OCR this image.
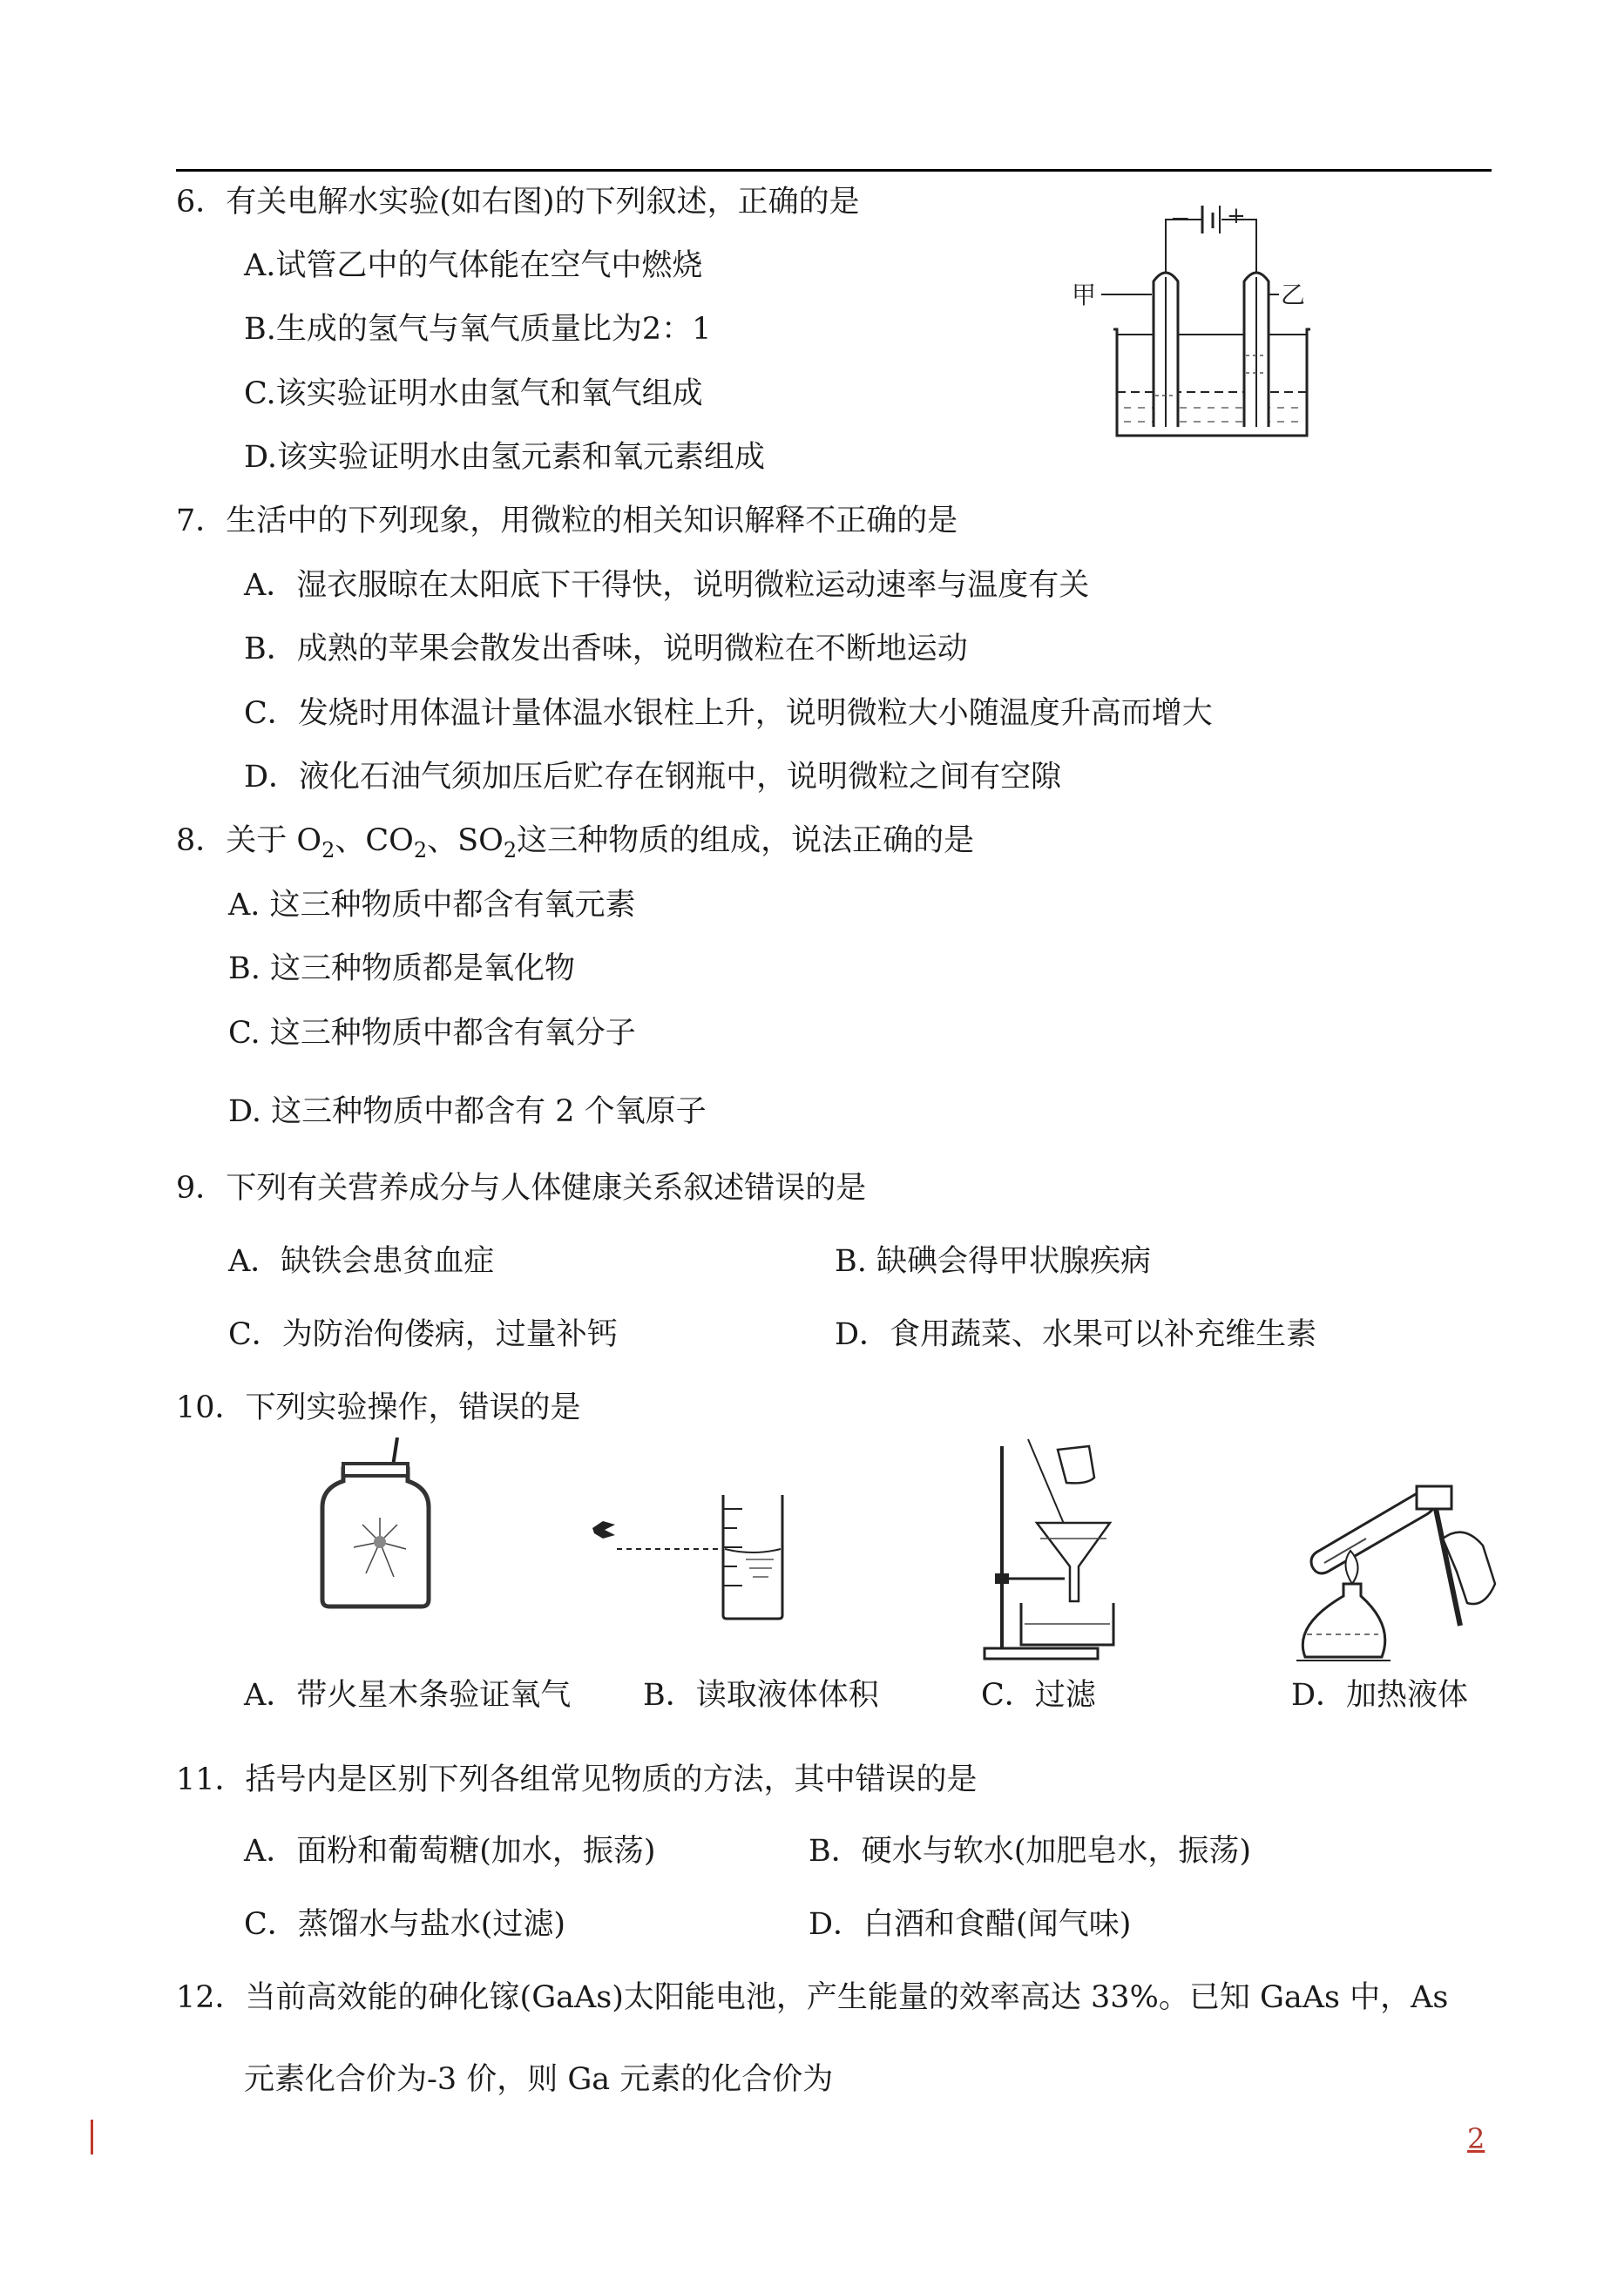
6．有关电解水实验(如右图)的下列叙述，正确的是
A.试管乙中的气体能在空气中燃烧
B.生成的氢气与氧气质量比为2：1
C.该实验证明水由氢气和氧气组成
D.该实验证明水由氢元素和氧元素组成
− +
甲	乙
7．生活中的下列现象，用微粒的相关知识解释不正确的是
A．湿衣服晾在太阳底下干得快，说明微粒运动速率与温度有关
B．成熟的苹果会散发出香味，说明微粒在不断地运动
C．发烧时用体温计量体温水银柱上升，说明微粒大小随温度升高而增大
D．液化石油气须加压后贮存在钢瓶中，说明微粒之间有空隙
8．关于 $O_2$、$CO_2$、$SO_2$这三种物质的组成，说法正确的是
A. 这三种物质中都含有氧元素
B. 这三种物质都是氧化物
C. 这三种物质中都含有氧分子
D. 这三种物质中都含有 2 个氧原子
9．下列有关营养成分与人体健康关系叙述错误的是
A．缺铁会患贫血症	B. 缺碘会得甲状腺疾病
C．为防治佝偻病，过量补钙	D．食用蔬菜、水果可以补充维生素
10．下列实验操作，错误的是
A．带火星木条验证氧气 B．读取液体体积	C．过滤	D．加热液体
11．括号内是区别下列各组常见物质的方法，其中错误的是
A．面粉和葡萄糖(加水，振荡)	B．硬水与软水(加肥皂水，振荡)
C．蒸馏水与盐水(过滤)	D．白酒和食醋(闻气味)
12．当前高效能的砷化镓(GaAs)太阳能电池，产生能量的效率高达 33%。已知 GaAs 中，As
元素化合价为-3 价，则 Ga 元素的化合价为
2
